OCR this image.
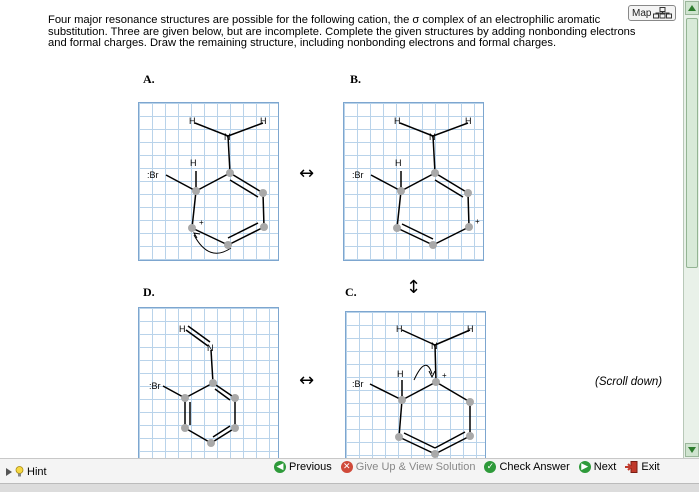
Four major resonance structures are possible for the following cation, the σ complex of an electrophilic aromatic substitution. Three are given below, but are incomplete. Complete the given structures by adding nonbonding electrons and formal charges. Draw the remaining structure, including nonbonding electrons and formal charges.
Map
A.	B.
D.	C.
H	H
N
H
:Br
+
↔
H	H
N
H
:Br
+
↕
H
N
:Br	↔
H	H
N
H
:Br
+
(Scroll down)
Hint	◀ Previous ✕ Give Up & View Solution ✓ Check Answer ▶ Next Exit
